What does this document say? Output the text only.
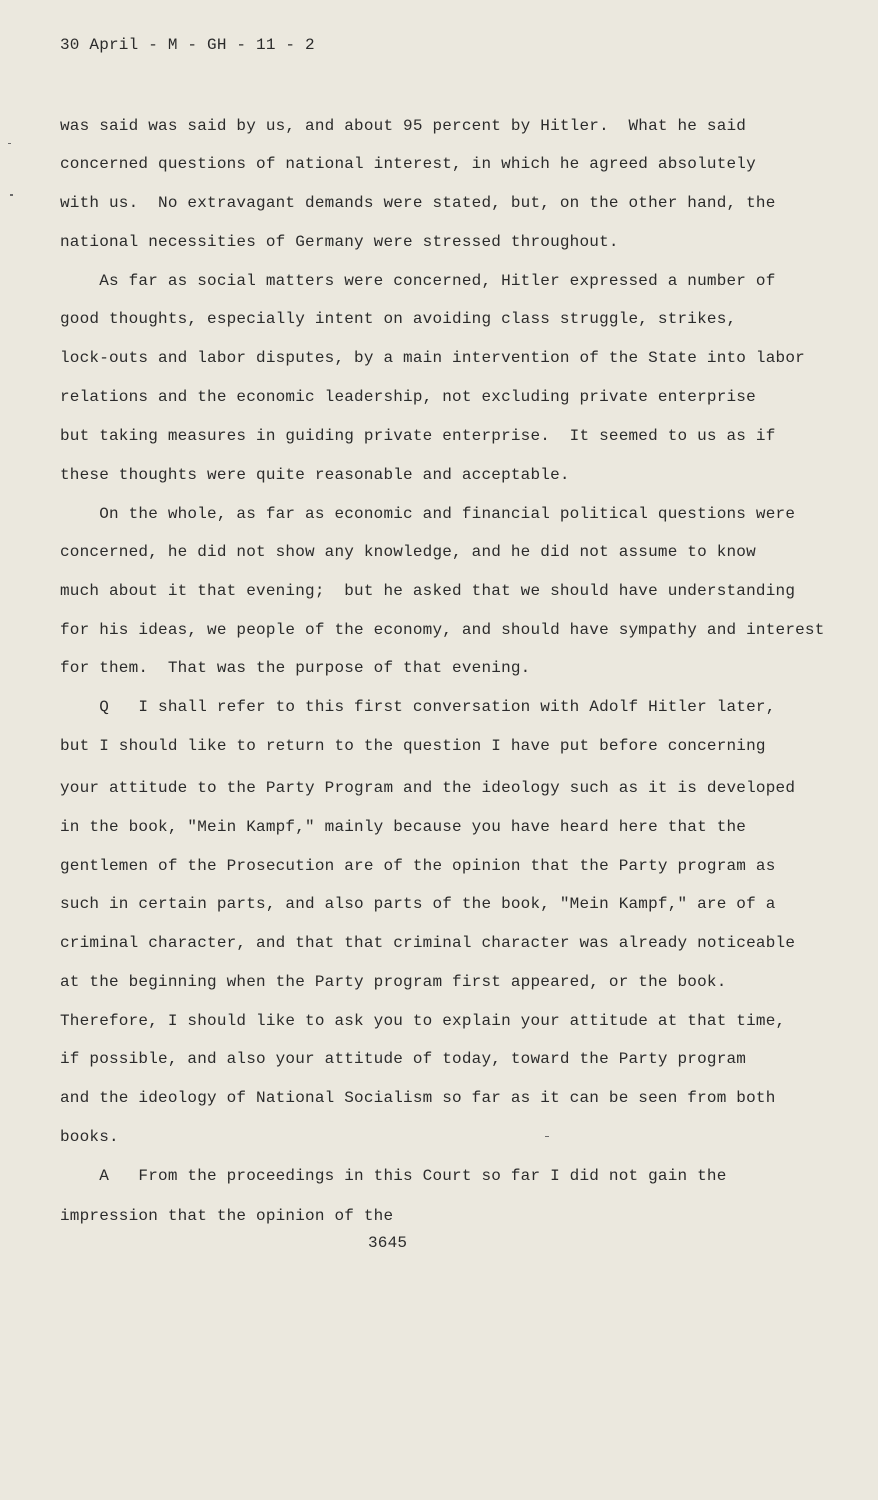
30 April - M - GH - 11 - 2
was said was said by us, and about 95 percent by Hitler.  What he said
concerned questions of national interest, in which he agreed absolutely
with us.  No extravagant demands were stated, but, on the other hand, the
national necessities of Germany were stressed throughout.
As far as social matters were concerned, Hitler expressed a number of
good thoughts, especially intent on avoiding class struggle, strikes,
lock-outs and labor disputes, by a main intervention of the State into labor
relations and the economic leadership, not excluding private enterprise
but taking measures in guiding private enterprise.  It seemed to us as if
these thoughts were quite reasonable and acceptable.
On the whole, as far as economic and financial political questions were
concerned, he did not show any knowledge, and he did not assume to know
much about it that evening;  but he asked that we should have understanding
for his ideas, we people of the economy, and should have sympathy and interest
for them.  That was the purpose of that evening.
Q   I shall refer to this first conversation with Adolf Hitler later,
but I should like to return to the question I have put before concerning
your attitude to the Party Program and the ideology such as it is developed
in the book, "Mein Kampf," mainly because you have heard here that the
gentlemen of the Prosecution are of the opinion that the Party program as
such in certain parts, and also parts of the book, "Mein Kampf," are of a
criminal character, and that that criminal character was already noticeable
at the beginning when the Party program first appeared, or the book.
Therefore, I should like to ask you to explain your attitude at that time,
if possible, and also your attitude of today, toward the Party program
and the ideology of National Socialism so far as it can be seen from both
books.
A   From the proceedings in this Court so far I did not gain the
impression that the opinion of the
3645
